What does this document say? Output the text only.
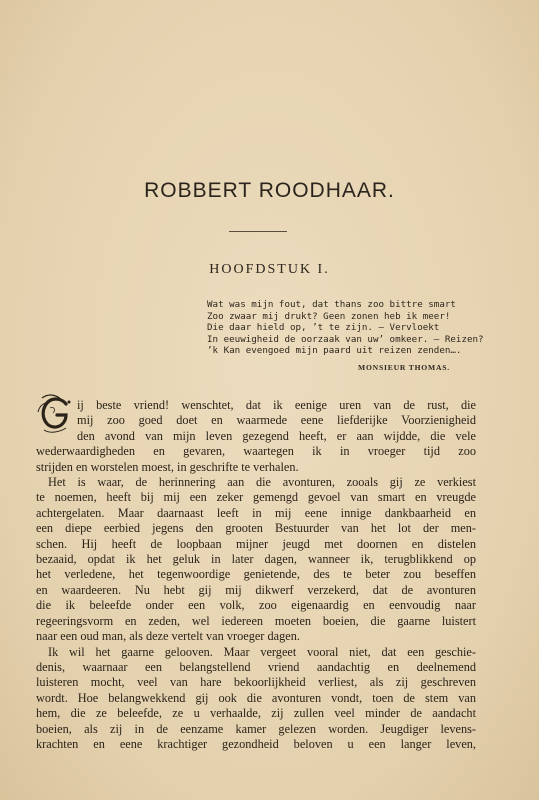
ROBBERT ROODHAAR.
HOOFDSTUK I.
Wat was mijn fout, dat thans zoo bittre smart
Zoo zwaar mij drukt? Geen zonen heb ik meer!
Die daar hield op, ’t te zijn. — Vervloekt
In eeuwigheid de oorzaak van uw’ omkeer. — Reizen?
’k Kan evengoed mijn paard uit reizen zenden….
MONSIEUR THOMAS.
ij beste vriend! wenschtet, dat ik eenige uren van de rust, die
mij zoo goed doet en waarmede eene liefderijke Voorzienigheid
den avond van mijn leven gezegend heeft, er aan wijdde, die vele
wederwaardigheden en gevaren, waartegen ik in vroeger tijd zoo
strijden en worstelen moest, in geschrifte te verhalen.
Het is waar, de herinnering aan die avonturen, zooals gij ze verkiest
te noemen, heeft bij mij een zeker gemengd gevoel van smart en vreugde
achtergelaten. Maar daarnaast leeft in mij eene innige dankbaarheid en
een diepe eerbied jegens den grooten Bestuurder van het lot der men-
schen. Hij heeft de loopbaan mijner jeugd met doornen en distelen
bezaaid, opdat ik het geluk in later dagen, wanneer ik, terugblikkend op
het verledene, het tegenwoordige genietende, des te beter zou beseffen
en waardeeren. Nu hebt gij mij dikwerf verzekerd, dat de avonturen
die ik beleefde onder een volk, zoo eigenaardig en eenvoudig naar
regeeringsvorm en zeden, wel iedereen moeten boeien, die gaarne luistert
naar een oud man, als deze vertelt van vroeger dagen.
Ik wil het gaarne gelooven. Maar vergeet vooral niet, dat een geschie-
denis, waarnaar een belangstellend vriend aandachtig en deelnemend
luisteren mocht, veel van hare bekoorlijkheid verliest, als zij geschreven
wordt. Hoe belangwekkend gij ook die avonturen vondt, toen de stem van
hem, die ze beleefde, ze u verhaalde, zij zullen veel minder de aandacht
boeien, als zij in de eenzame kamer gelezen worden. Jeugdiger levens-
krachten en eene krachtiger gezondheid beloven u een langer leven,
